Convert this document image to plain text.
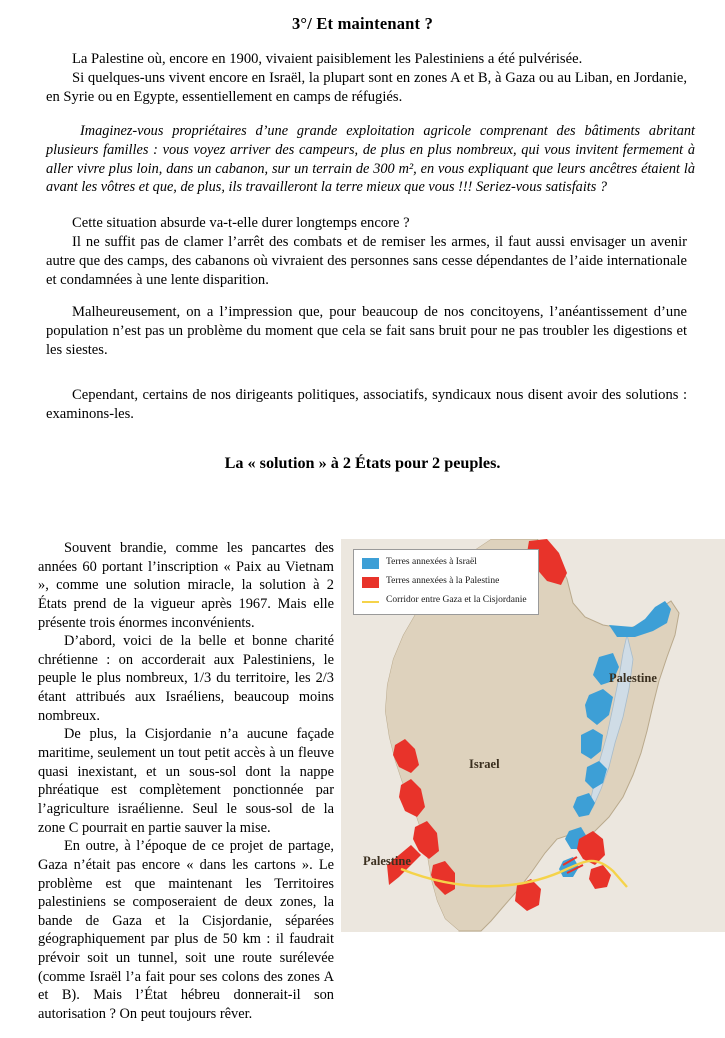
3°/ Et maintenant ?

La Palestine où, encore en 1900, vivaient paisiblement les Palestiniens a été pulvérisée.

Si quelques-uns vivent encore en Israël, la plupart sont en zones A et B, à Gaza ou au Liban, en Jordanie, en Syrie ou en Egypte, essentiellement en camps de réfugiés.

Imaginez-vous propriétaires d’une grande exploitation agricole comprenant des bâtiments abritant plusieurs familles : vous voyez arriver des campeurs, de plus en plus nombreux, qui vous invitent fermement à aller vivre plus loin, dans un cabanon, sur un terrain de 300 m², en vous expliquant que leurs ancêtres étaient là avant les vôtres et que, de plus, ils travailleront la terre mieux que vous !!! Seriez-vous satisfaits ?

Cette situation absurde va-t-elle durer longtemps encore ?

Il ne suffit pas de clamer l’arrêt des combats et de remiser les armes, il faut aussi envisager un avenir autre que des camps, des cabanons où vivraient des personnes sans cesse dépendantes de l’aide internationale et condamnées à une lente disparition.

Malheureusement, on a l’impression que, pour beaucoup de nos concitoyens, l’anéantissement d’une population n’est pas un problème du moment que cela se fait sans bruit pour ne pas troubler les digestions et les siestes.

Cependant, certains de nos dirigeants politiques, associatifs, syndicaux nous disent avoir des solutions : examinons-les.

La « solution » à 2 États pour 2 peuples.

Souvent brandie, comme les pancartes des années 60 portant l’inscription « Paix au Vietnam », comme une solution miracle, la solution à 2 États prend de la vigueur après 1967. Mais elle présente trois énormes inconvénients.

D’abord, voici de la belle et bonne charité chrétienne : on accorderait aux Palestiniens, le peuple le plus nombreux, 1/3 du territoire, les 2/3 étant attribués aux Israéliens, beaucoup moins nombreux.

De plus, la Cisjordanie n’a aucune façade maritime, seulement un tout petit accès à un fleuve quasi inexistant, et un sous-sol dont la nappe phréatique est complètement ponctionnée par l’agriculture israélienne. Seul le sous-sol de la zone C pourrait en partie sauver la mise.

En outre, à l’époque de ce projet de partage, Gaza n’était pas encore « dans les cartons ». Le problème est que maintenant les Territoires palestiniens se composeraient de deux zones, la bande de Gaza et la Cisjordanie, séparées géographiquement par plus de 50 km : il faudrait prévoir soit un tunnel, soit une route surélevée (comme Israël l’a fait pour ses colons des zones A et B). Mais l’État hébreu donnerait-il son autorisation ? On peut toujours rêver.

Terres annexées à Israël
Terres annexées à la Palestine
Corridor entre Gaza et la Cisjordanie
Israel
Palestine
Palestine
